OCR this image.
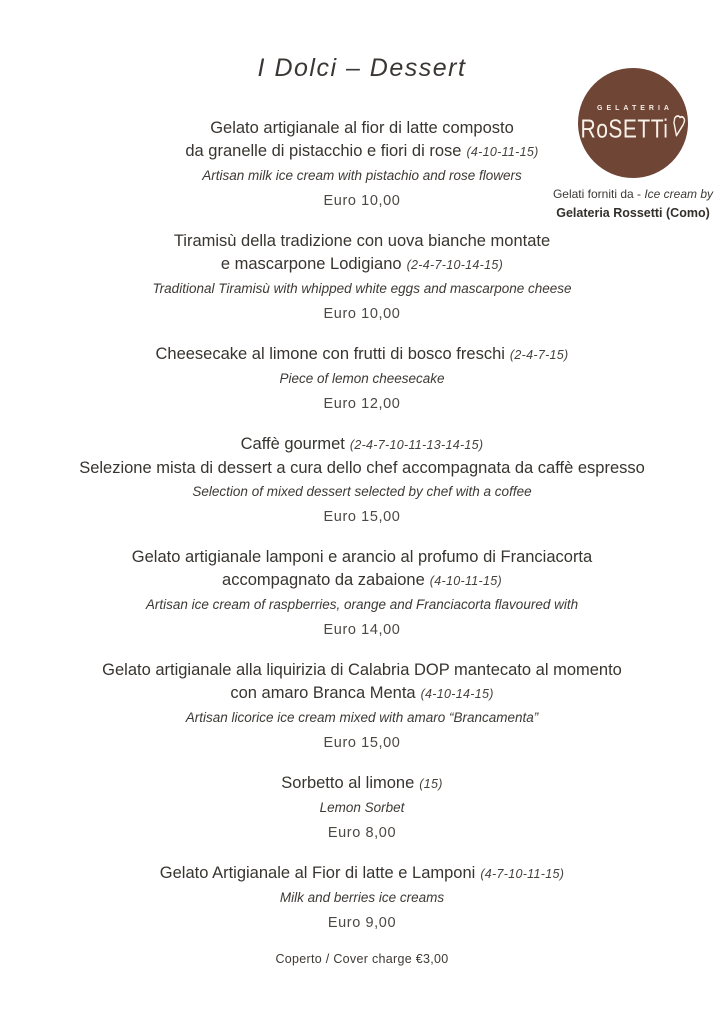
I Dolci – Dessert
GELATERIA
RoSETTi
Gelati forniti da - Ice cream by
Gelateria Rossetti (Como)
Gelato artigianale al fior di latte composto
da granelle di pistacchio e fiori di rose (4-10-11-15)
Artisan milk ice cream with pistachio and rose flowers
Euro 10,00
Tiramisù della tradizione con uova bianche montate
e mascarpone Lodigiano (2-4-7-10-14-15)
Traditional Tiramisù with whipped white eggs and mascarpone cheese
Euro 10,00
Cheesecake al limone con frutti di bosco freschi (2-4-7-15)
Piece of lemon cheesecake
Euro 12,00
Caffè gourmet (2-4-7-10-11-13-14-15)
Selezione mista di dessert a cura dello chef accompagnata da caffè espresso
Selection of mixed dessert selected by chef with a coffee
Euro 15,00
Gelato artigianale lamponi e arancio al profumo di Franciacorta
accompagnato da zabaione (4-10-11-15)
Artisan ice cream of raspberries, orange and Franciacorta flavoured with
Euro 14,00
Gelato artigianale alla liquirizia di Calabria DOP mantecato al momento
con amaro Branca Menta (4-10-14-15)
Artisan licorice ice cream mixed with amaro “Brancamenta”
Euro 15,00
Sorbetto al limone (15)
Lemon Sorbet
Euro 8,00
Gelato Artigianale al Fior di latte e Lamponi (4-7-10-11-15)
Milk and berries ice creams
Euro 9,00
Coperto / Cover charge €3,00
